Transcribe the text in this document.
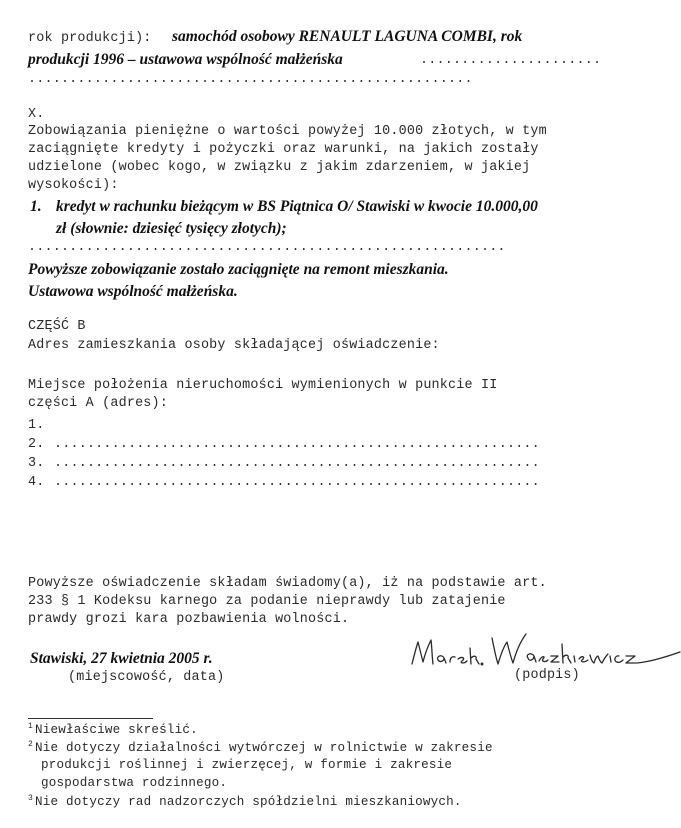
rok produkcji): samochód osobowy RENAULT LAGUNA COMBI, rok
produkcji 1996 – ustawowa wspólność małżeńska	......................
......................................................
X.
Zobowiązania pieniężne o wartości powyżej 10.000 złotych, w tym
zaciągnięte kredyty i pożyczki oraz warunki, na jakich zostały
udzielone (wobec kogo, w związku z jakim zdarzeniem, w jakiej
wysokości):
1. kredyt w rachunku bieżącym w BS Piątnica O/ Stawiski w kwocie 10.000,00
zł (słownie: dziesięć tysięcy złotych);
..........................................................
Powyższe zobowiązanie zostało zaciągnięte na remont mieszkania.
Ustawowa wspólność małżeńska.
CZĘŚĆ B
Adres zamieszkania osoby składającej oświadczenie:
Miejsce położenia nieruchomości wymienionych w punkcie II
części A (adres):
1.
2. ...........................................................
3. ...........................................................
4. ...........................................................
Powyższe oświadczenie składam świadomy(a), iż na podstawie art.
233 § 1 Kodeksu karnego za podanie nieprawdy lub zatajenie
prawdy grozi kara pozbawienia wolności.
Stawiski, 27 kwietnia 2005 r.
(miejscowość, data)	(podpis)
$^1$ Niewłaściwe skreślić.
$^2$ Nie dotyczy działalności wytwórczej w rolnictwie w zakresie
produkcji roślinnej i zwierzęcej, w formie i zakresie
gospodarstwa rodzinnego.
$^3$ Nie dotyczy rad nadzorczych spółdzielni mieszkaniowych.
